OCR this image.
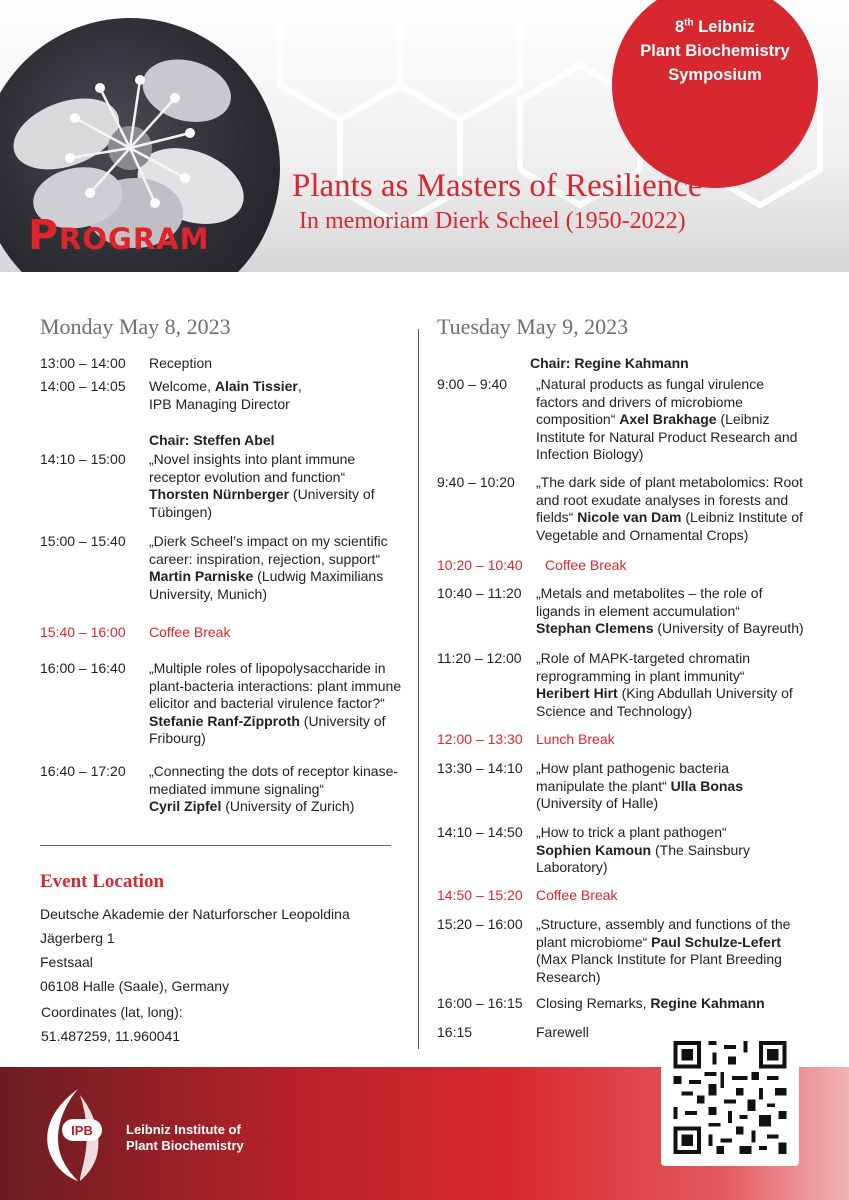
Program
8th Leibniz
Plant Biochemistry
Symposium
Plants as Masters of Resilience
In memoriam Dierk Scheel (1950-2022)
Monday May 8, 2023	Tuesday May 9, 2023
13:00 – 14:00 Reception
14:00 – 14:05 Welcome, Alain Tissier,
IPB Managing Director
Chair: Steffen Abel
14:10 – 15:00 „Novel insights into plant immune receptor evolution and function“
Thorsten Nürnberger (University of Tübingen)
15:00 – 15:40 „Dierk Scheel’s impact on my scientific career: inspiration, rejection, support“ Martin Parniske (Ludwig Maximilians University, Munich)
15:40 – 16:00 Coffee Break
16:00 – 16:40 „Multiple roles of lipopolysaccharide in plant-bacteria interactions: plant immune elicitor and bacterial virulence factor?“ Stefanie Ranf-Zipproth (University of Fribourg)
16:40 – 17:20 „Connecting the dots of receptor kinase-mediated immune signaling“
Cyril Zipfel (University of Zurich)
Chair: Regine Kahmann
9:00 – 9:40 „Natural products as fungal virulence factors and drivers of microbiome composition“ Axel Brakhage (Leibniz Institute for Natural Product Research and Infection Biology)
9:40 – 10:20 „The dark side of plant metabolomics: Root and root exudate analyses in forests and fields“ Nicole van Dam (Leibniz Institute of Vegetable and Ornamental Crops)
10:20 – 10:40 Coffee Break
10:40 – 11:20 „Metals and metabolites – the role of ligands in element accumulation“
Stephan Clemens (University of Bayreuth)
11:20 – 12:00 „Role of MAPK-targeted chromatin reprogramming in plant immunity“
Heribert Hirt (King Abdullah University of Science and Technology)
12:00 – 13:30 Lunch Break
13:30 – 14:10 „How plant pathogenic bacteria manipulate the plant“ Ulla Bonas (University of Halle)
14:10 – 14:50 „How to trick a plant pathogen“
Sophien Kamoun (The Sainsbury Laboratory)
14:50 – 15:20 Coffee Break
15:20 – 16:00 „Structure, assembly and functions of the plant microbiome“ Paul Schulze-Lefert (Max Planck Institute for Plant Breeding Research)
16:00 – 16:15 Closing Remarks, Regine Kahmann
16:15	Farewell
Event Location
Deutsche Akademie der Naturforscher Leopoldina
Jägerberg 1
Festsaal
06108 Halle (Saale), Germany
Coordinates (lat, long):
51.487259, 11.960041
IPB	Leibniz Institute of
Plant Biochemistry
